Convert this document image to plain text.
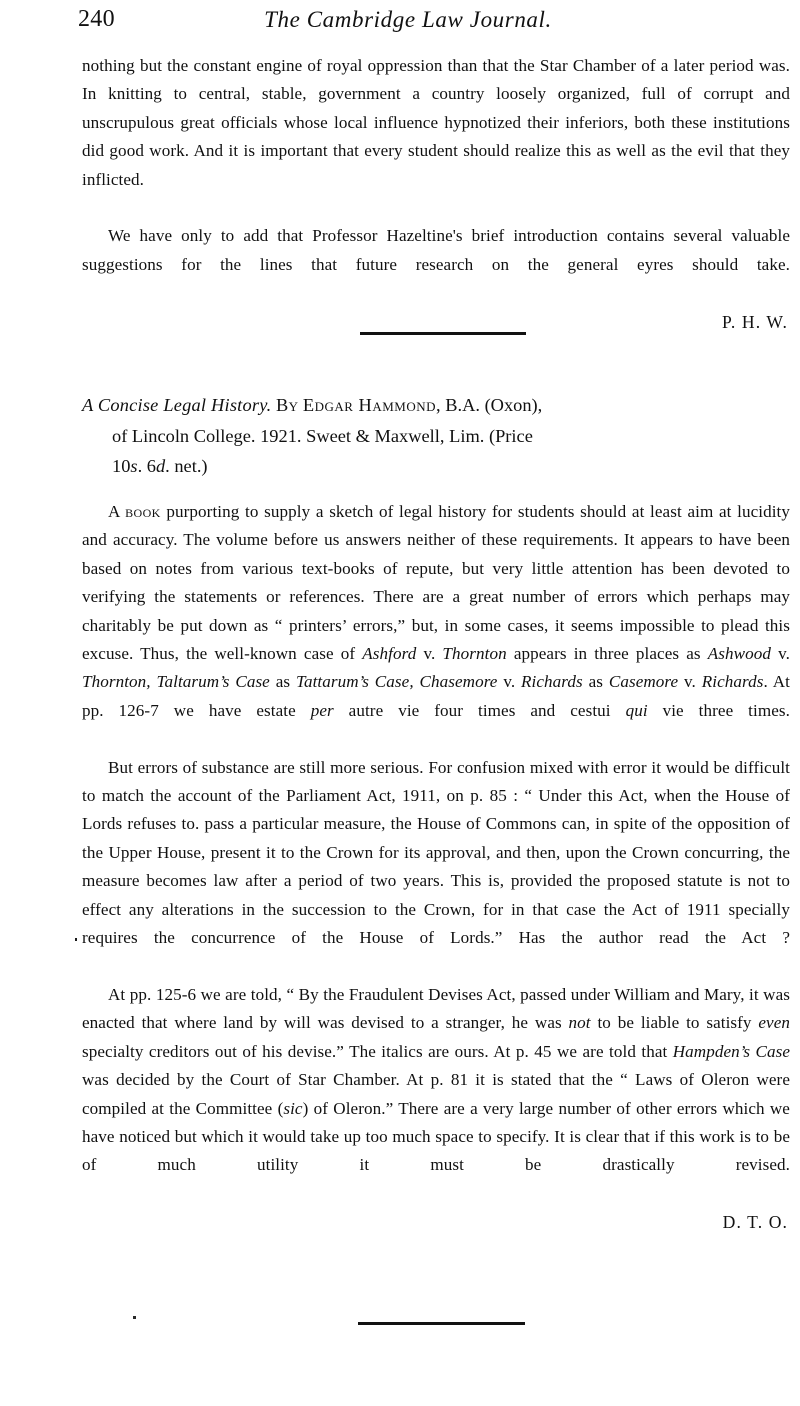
240	The Cambridge Law Journal.

nothing but the constant engine of royal oppression than that the Star Chamber of a later period was. In knitting to central, stable, government a country loosely organized, full of corrupt and unscrupulous great officials whose local influence hypnotized their inferiors, both these institutions did good work. And it is important that every student should realize this as well as the evil that they inflicted.

We have only to add that Professor Hazeltine's brief introduction contains several valuable suggestions for the lines that future research on the general eyres should take.

P. H. W.

A Concise Legal History. By Edgar Hammond, B.A. (Oxon),
of Lincoln College. 1921. Sweet & Maxwell, Lim. (Price
10s. 6d. net.)

A book purporting to supply a sketch of legal history for students should at least aim at lucidity and accuracy. The volume before us answers neither of these requirements. It appears to have been based on notes from various text-books of repute, but very little attention has been devoted to verifying the statements or references. There are a great number of errors which perhaps may charitably be put down as “ printers’ errors,” but, in some cases, it seems impossible to plead this excuse. Thus, the well-known case of Ashford v. Thornton appears in three places as Ashwood v. Thornton, Taltarum’s Case as Tattarum’s Case, Chasemore v. Richards as Casemore v. Richards. At pp. 126-7 we have estate per autre vie four times and cestui qui vie three times.

But errors of substance are still more serious. For confusion mixed with error it would be difficult to match the account of the Parliament Act, 1911, on p. 85 : “ Under this Act, when the House of Lords refuses to. pass a particular measure, the House of Commons can, in spite of the opposition of the Upper House, present it to the Crown for its approval, and then, upon the Crown concurring, the measure becomes law after a period of two years. This is, provided the proposed statute is not to effect any alterations in the succession to the Crown, for in that case the Act of 1911 specially requires the concurrence of the House of Lords.” Has the author read the Act ?

At pp. 125-6 we are told, “ By the Fraudulent Devises Act, passed under William and Mary, it was enacted that where land by will was devised to a stranger, he was not to be liable to satisfy even specialty creditors out of his devise.” The italics are ours. At p. 45 we are told that Hampden’s Case was decided by the Court of Star Chamber. At p. 81 it is stated that the “ Laws of Oleron were compiled at the Committee (sic) of Oleron.” There are a very large number of other errors which we have noticed but which it would take up too much space to specify. It is clear that if this work is to be of much utility it must be drastically revised.

D. T. O.
